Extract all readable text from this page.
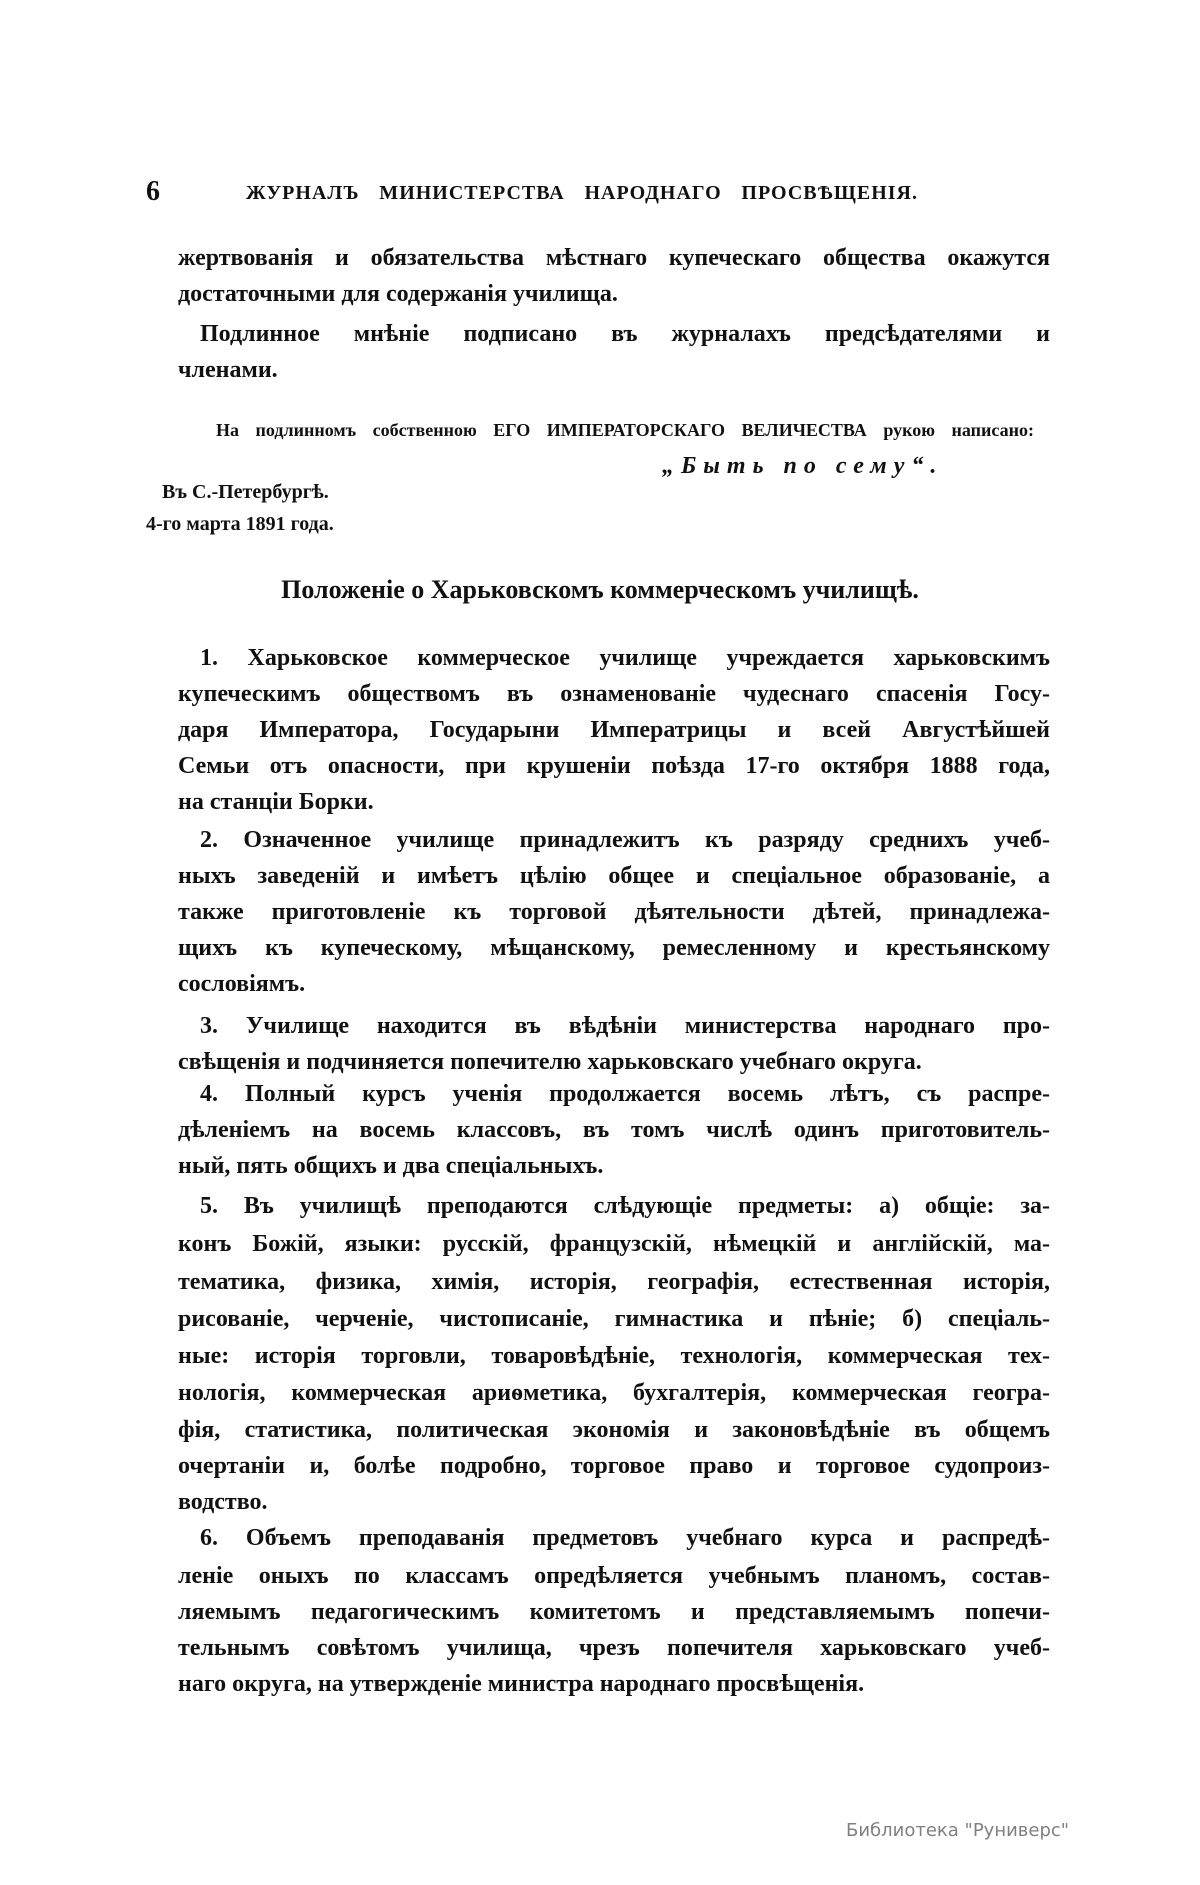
6	ЖУРНАЛЪ МИНИСТЕРСТВА НАРОДНАГО ПРОСВѢЩЕНІЯ.
жертвованія и обязательства мѣстнаго купеческаго общества окажутся
достаточными для содержанія училища.
Подлинное мнѣніе подписано въ журналахъ предсѣдателями и
членами.
На подлинномъ собственною ЕГО ИМПЕРАТОРСКАГО ВЕЛИЧЕСТВА рукою написано:
„Быть по сему“.
Въ С.-Петербургѣ.
4-го марта 1891 года.
Положеніе о Харьковскомъ коммерческомъ училищѣ.
1. Харьковское коммерческое училище учреждается харьковскимъ
купеческимъ обществомъ въ ознаменованіе чудеснаго спасенія Госу-
даря Императора, Государыни Императрицы и всей Августѣйшей
Семьи отъ опасности, при крушеніи поѣзда 17-го октября 1888 года,
на станціи Борки.
2. Означенное училище принадлежитъ къ разряду среднихъ учеб-
ныхъ заведеній и имѣетъ цѣлію общее и спеціальное образованіе, а
также приготовленіе къ торговой дѣятельности дѣтей, принадлежа-
щихъ къ купеческому, мѣщанскому, ремесленному и крестьянскому
сословіямъ.
3. Училище находится въ вѣдѣніи министерства народнаго про-
свѣщенія и подчиняется попечителю харьковскаго учебнаго округа.
4. Полный курсъ ученія продолжается восемь лѣтъ, съ распре-
дѣленіемъ на восемь классовъ, въ томъ числѣ одинъ приготовитель-
ный, пять общихъ и два спеціальныхъ.
5. Въ училищѣ преподаются слѣдующіе предметы: а) общіе: за-
конъ Божій, языки: русскій, французскій, нѣмецкій и англійскій, ма-
тематика, физика, химія, исторія, географія, естественная исторія,
рисованіе, черченіе, чистописаніе, гимнастика и пѣніе; б) спеціаль-
ные: исторія торговли, товаровѣдѣніе, технологія, коммерческая тех-
нологія, коммерческая ариѳметика, бухгалтерія, коммерческая геогра-
фія, статистика, политическая экономія и законовѣдѣніе въ общемъ
очертаніи и, болѣе подробно, торговое право и торговое судопроиз-
водство.
6. Объемъ преподаванія предметовъ учебнаго курса и распредѣ-
леніе оныхъ по классамъ опредѣляется учебнымъ планомъ, состав-
ляемымъ педагогическимъ комитетомъ и представляемымъ попечи-
тельнымъ совѣтомъ училища, чрезъ попечителя харьковскаго учеб-
наго округа, на утвержденіе министра народнаго просвѣщенія.
Библиотека "Руниверс"
